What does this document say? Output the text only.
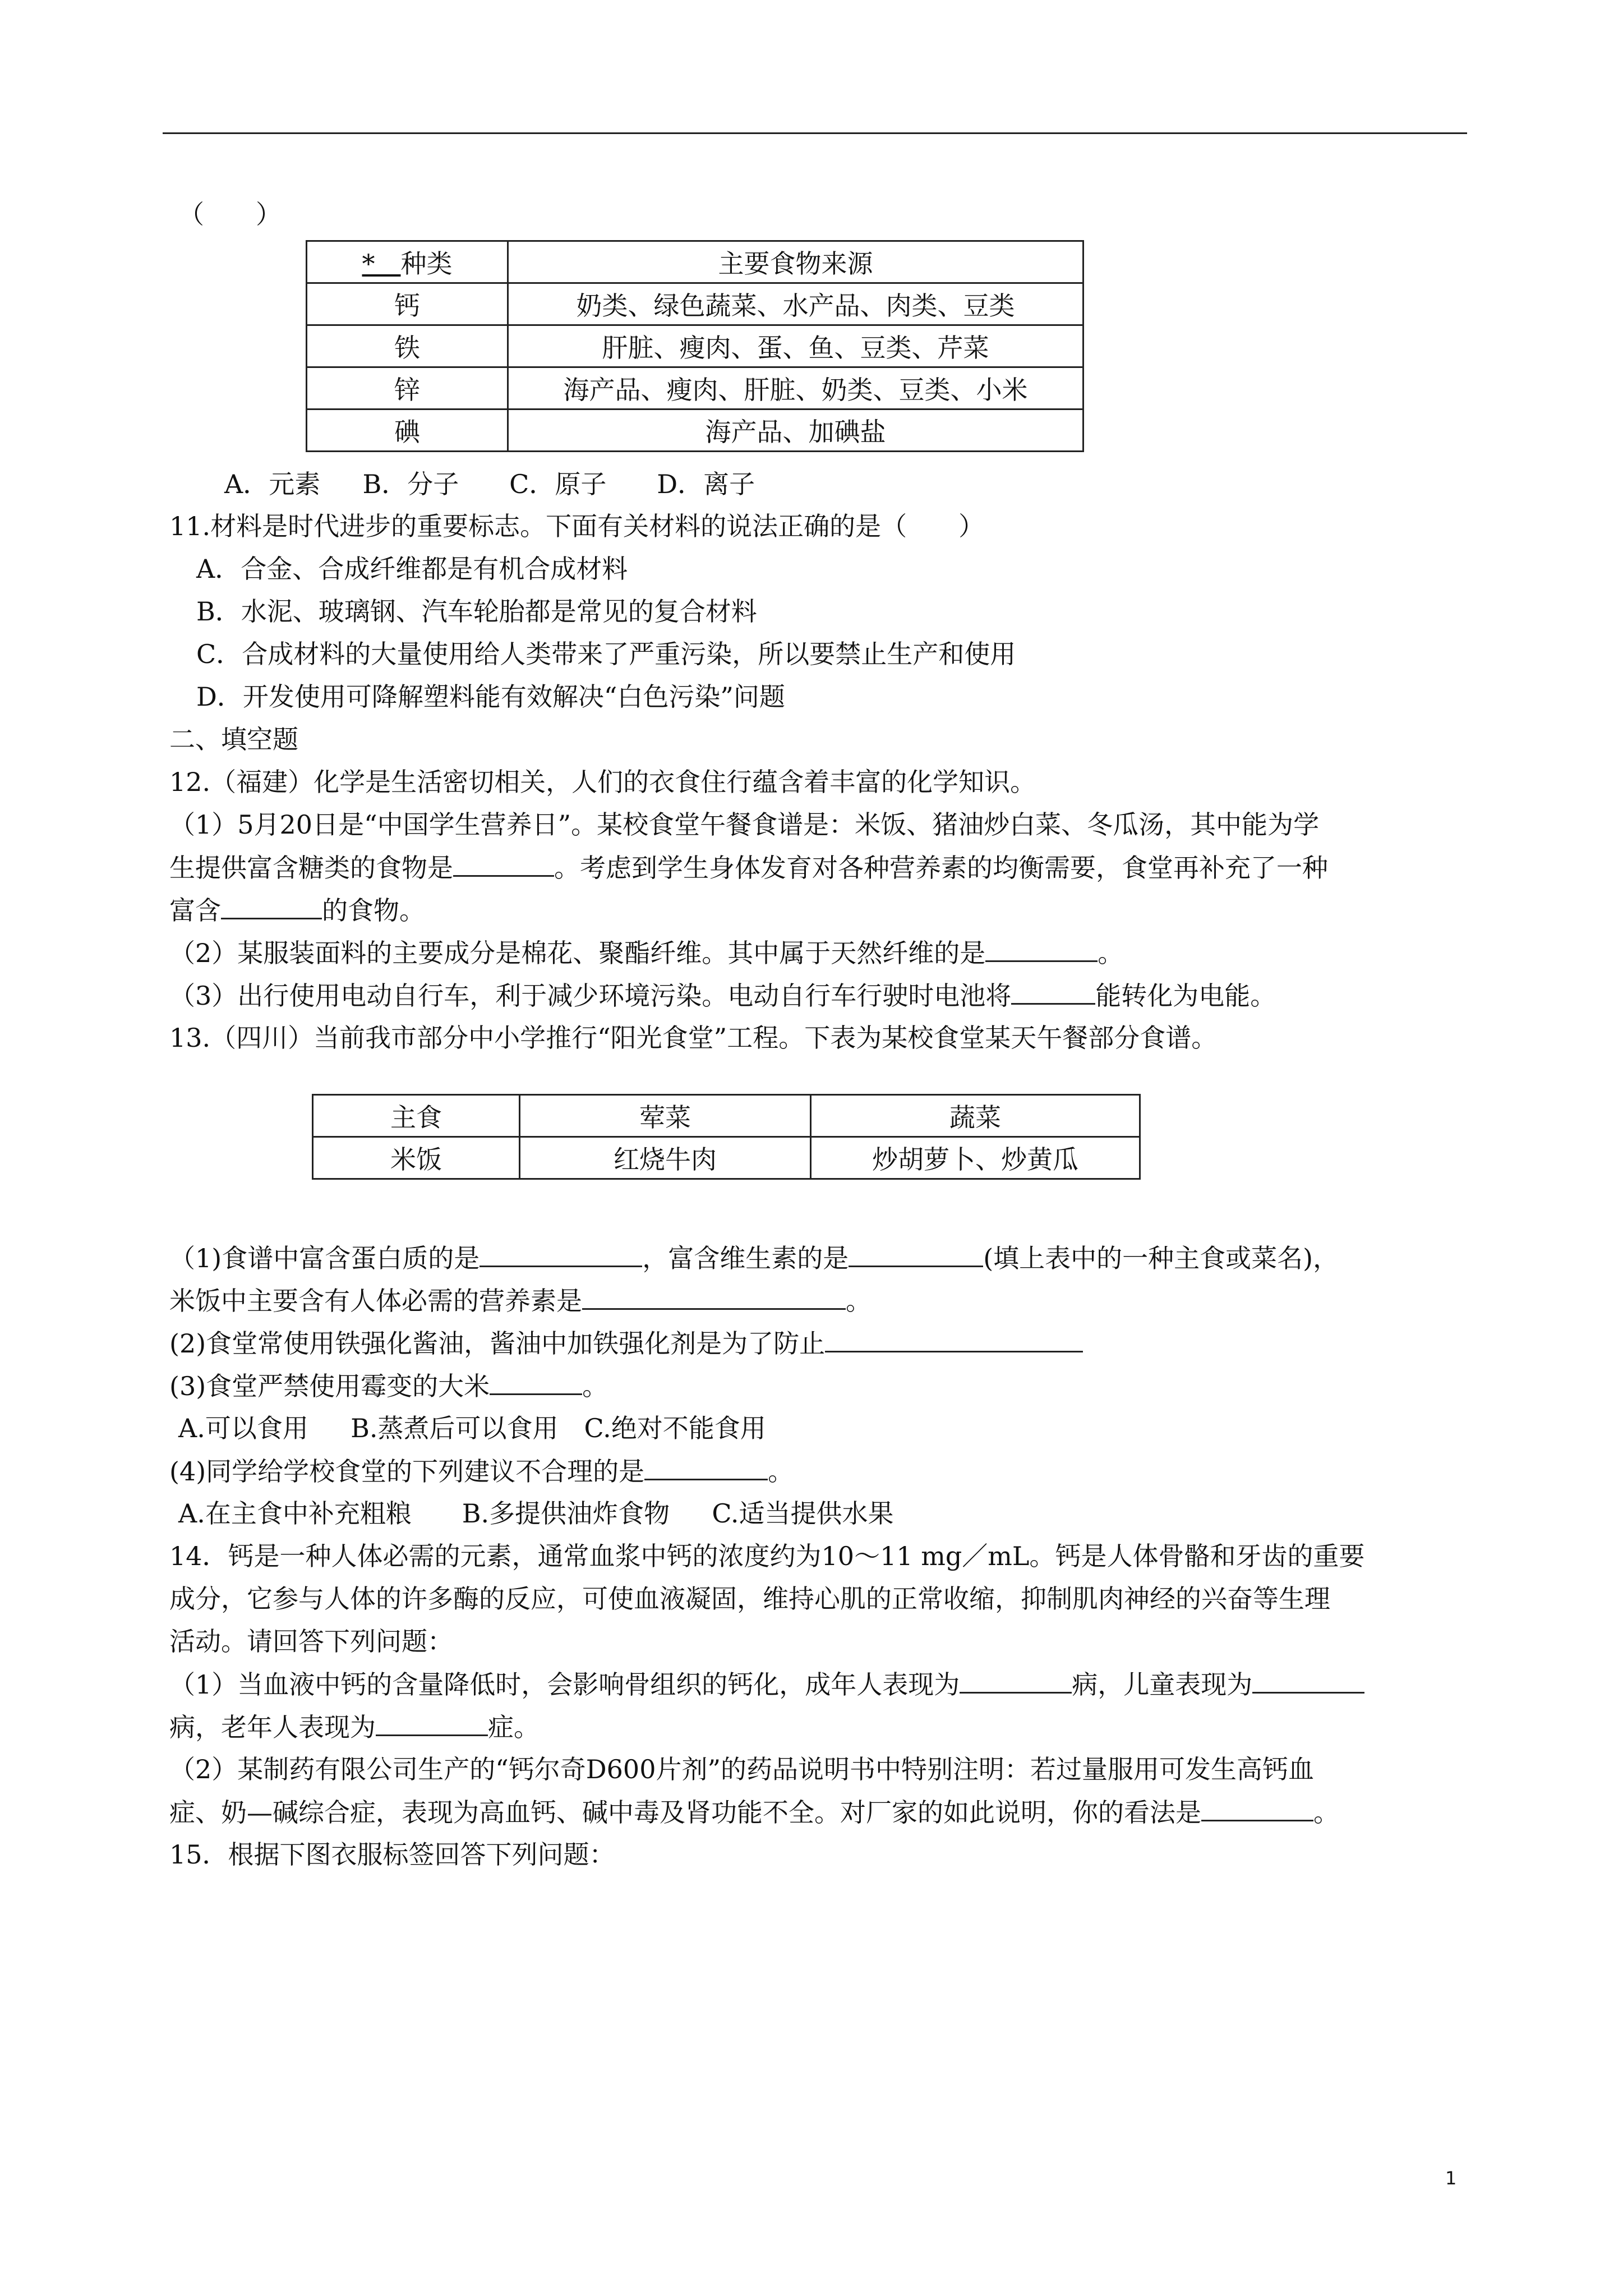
（　　）
*　 种类	主要食物来源
钙	奶类、绿色蔬菜、水产品、肉类、豆类
铁	肝脏、瘦肉、蛋、鱼、豆类、芹菜
锌	海产品、瘦肉、肝脏、奶类、豆类、小米
碘	海产品、加碘盐
A．元素　  B．分子　   C．原子　   D．离子
11.材料是时代进步的重要标志。下面有关材料的说法正确的是（　　）
A．合金、合成纤维都是有机合成材料
B．水泥、玻璃钢、汽车轮胎都是常见的复合材料
C．合成材料的大量使用给人类带来了严重污染，所以要禁止生产和使用
D．开发使用可降解塑料能有效解决“白色污染”问题
二、填空题
12.（福建）化学是生活密切相关，人们的衣食住行蕴含着丰富的化学知识。
（1）5月20日是“中国学生营养日”。某校食堂午餐食谱是：米饭、猪油炒白菜、冬瓜汤，其中能为学
生提供富含糖类的食物是	。考虑到学生身体发育对各种营养素的均衡需要，食堂再补充了一种
富含	的食物。
（2）某服装面料的主要成分是棉花、聚酯纤维。其中属于天然纤维的是	。
（3）出行使用电动自行车，利于减少环境污染。电动自行车行驶时电池将	能转化为电能。
13.（四川）当前我市部分中小学推行“阳光食堂”工程。下表为某校食堂某天午餐部分食谱。
主食	荤菜	蔬菜
米饭	红烧牛肉	炒胡萝卜、炒黄瓜
（1)食谱中富含蛋白质的是	，富含维生素的是	(填上表中的一种主食或菜名)，
米饭中主要含有人体必需的营养素是	。
(2)食堂常使用铁强化酱油，酱油中加铁强化剂是为了防止
(3)食堂严禁使用霉变的大米	。
A.可以食用　  B.蒸煮后可以食用　C.绝对不能食用
(4)同学给学校食堂的下列建议不合理的是	。
A.在主食中补充粗粮　   B.多提供油炸食物　  C.适当提供水果
14．钙是一种人体必需的元素，通常血浆中钙的浓度约为10～11 mg／mL。钙是人体骨骼和牙齿的重要
成分，它参与人体的许多酶的反应，可使血液凝固，维持心肌的正常收缩，抑制肌肉神经的兴奋等生理
活动。请回答下列问题：
（1）当血液中钙的含量降低时，会影响骨组织的钙化，成年人表现为	病，儿童表现为
病，老年人表现为	症。
（2）某制药有限公司生产的“钙尔奇D600片剂”的药品说明书中特别注明：若过量服用可发生高钙血
症、奶—碱综合症，表现为高血钙、碱中毒及肾功能不全。对厂家的如此说明，你的看法是	。
15．根据下图衣服标签回答下列问题：
1
